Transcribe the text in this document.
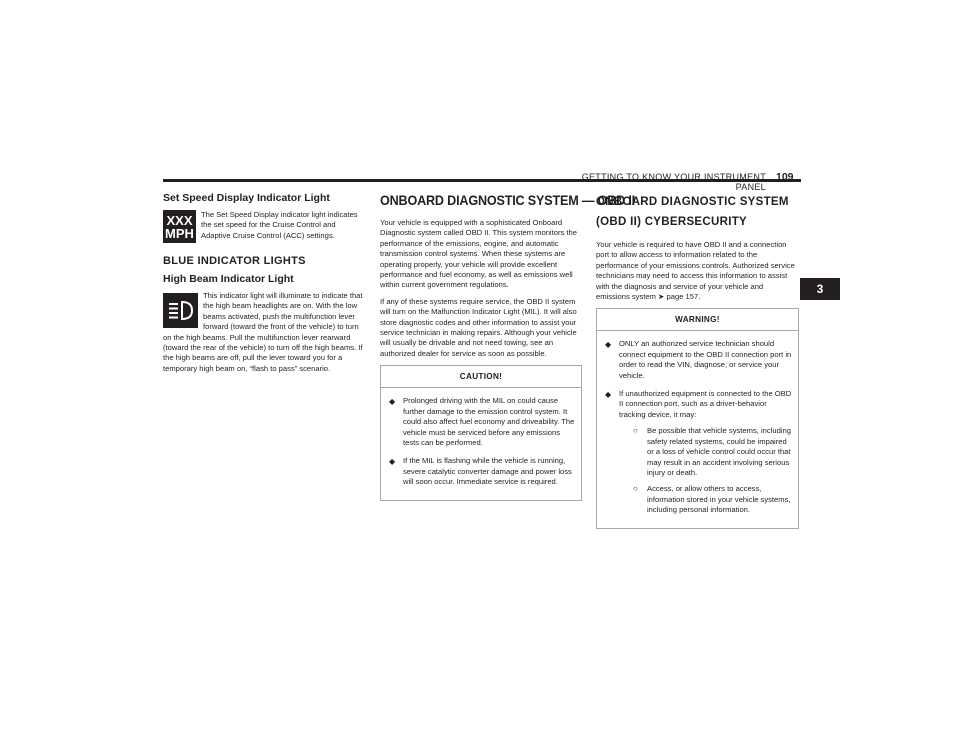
GETTING TO KNOW YOUR INSTRUMENT PANEL
109
3
Set Speed Display Indicator Light
XXX
MPH

The Set Speed Display indicator light indicates the set speed for the Cruise Control and Adaptive Cruise Control (ACC) settings.

BLUE INDICATOR LIGHTS
High Beam Indicator Light

This indicator light will illuminate to indicate that the high beam headlights are on. With the low beams activated, push the multifunction lever forward (toward the front of the vehicle) to turn on the high beams. Pull the multifunction lever rearward (toward the rear of the vehicle) to turn off the high beams. If the high beams are off, pull the lever toward you for a temporary high beam on, “flash to pass” scenario.

ONBOARD DIAGNOSTIC SYSTEM — OBD II

Your vehicle is equipped with a sophisticated Onboard Diagnostic system called OBD II. This system monitors the performance of the emissions, engine, and automatic transmission control systems. When these systems are operating properly, your vehicle will provide excellent performance and fuel economy, as well as emissions well within current government regulations.

If any of these systems require service, the OBD II system will turn on the Malfunction Indicator Light (MIL). It will also store diagnostic codes and other information to assist your service technician in making repairs. Although your vehicle will usually be drivable and not need towing, see an authorized dealer for service as soon as possible.

CAUTION!
◆ Prolonged driving with the MIL on could cause further damage to the emission control system. It could also affect fuel economy and driveability. The vehicle must be serviced before any emissions tests can be performed.
◆ If the MIL is flashing while the vehicle is running, severe catalytic converter damage and power loss will soon occur. Immediate service is required.
ONBOARD DIAGNOSTIC SYSTEM
(OBD II) CYBERSECURITY

Your vehicle is required to have OBD II and a connection port to allow access to information related to the performance of your emissions controls. Authorized service technicians may need to access this information to assist with the diagnosis and service of your vehicle and emissions system ➤ page 157.

WARNING!
◆ ONLY an authorized service technician should connect equipment to the OBD II connection port in order to read the VIN, diagnose, or service your vehicle.
◆ If unauthorized equipment is connected to the OBD II connection port, such as a driver-behavior tracking device, it may:
○ Be possible that vehicle systems, including safety related systems, could be impaired or a loss of vehicle control could occur that may result in an accident involving serious injury or death.
○ Access, or allow others to access, information stored in your vehicle systems, including personal information.
